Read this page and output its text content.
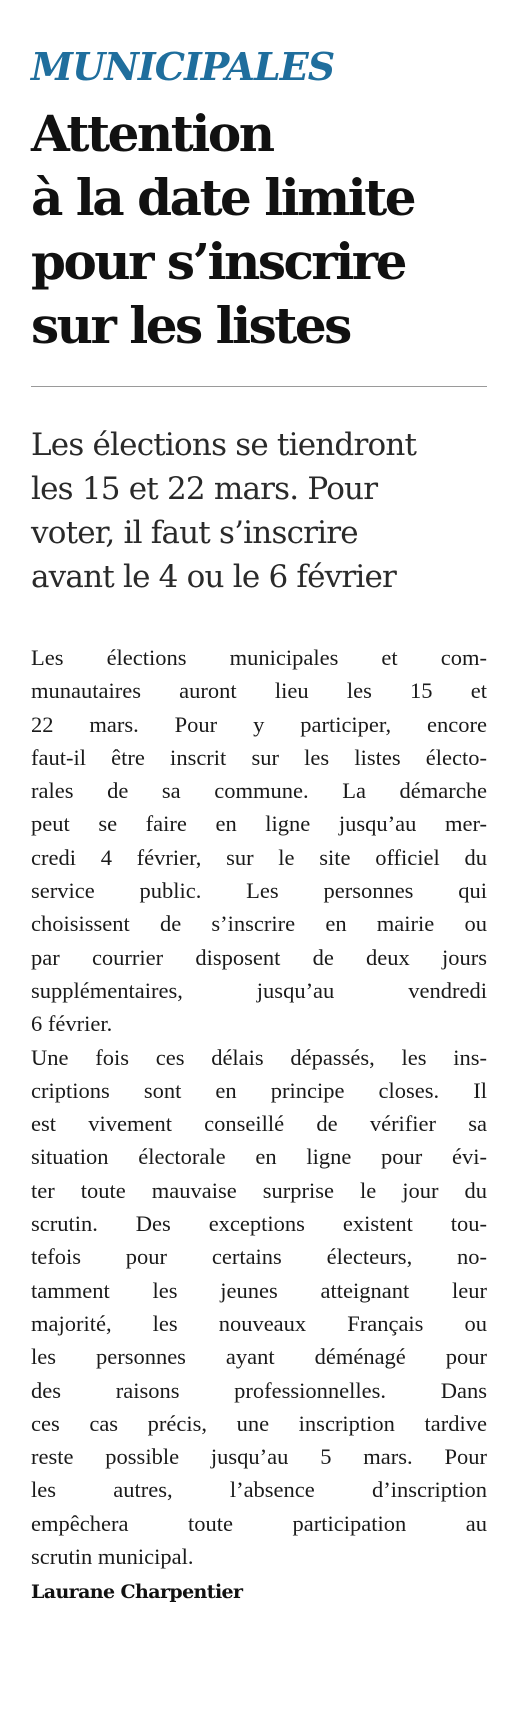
MUNICIPALES
Attention
à la date limite
pour s’inscrire
sur les listes
Les élections se tiendront
les 15 et 22 mars. Pour
voter, il faut s’inscrire
avant le 4 ou le 6 février
Les élections municipales et com-
munautaires auront lieu les 15 et
22 mars. Pour y participer, encore
faut-il être inscrit sur les listes électo-
rales de sa commune. La démarche
peut se faire en ligne jusqu’au mer-
credi 4 février, sur le site officiel du
service public. Les personnes qui
choisissent de s’inscrire en mairie ou
par courrier disposent de deux jours
supplémentaires, jusqu’au vendredi
6 février.
Une fois ces délais dépassés, les ins-
criptions sont en principe closes. Il
est vivement conseillé de vérifier sa
situation électorale en ligne pour évi-
ter toute mauvaise surprise le jour du
scrutin. Des exceptions existent tou-
tefois pour certains électeurs, no-
tamment les jeunes atteignant leur
majorité, les nouveaux Français ou
les personnes ayant déménagé pour
des raisons professionnelles. Dans
ces cas précis, une inscription tardive
reste possible jusqu’au 5 mars. Pour
les autres, l’absence d’inscription
empêchera toute participation au
scrutin municipal.
Laurane Charpentier
